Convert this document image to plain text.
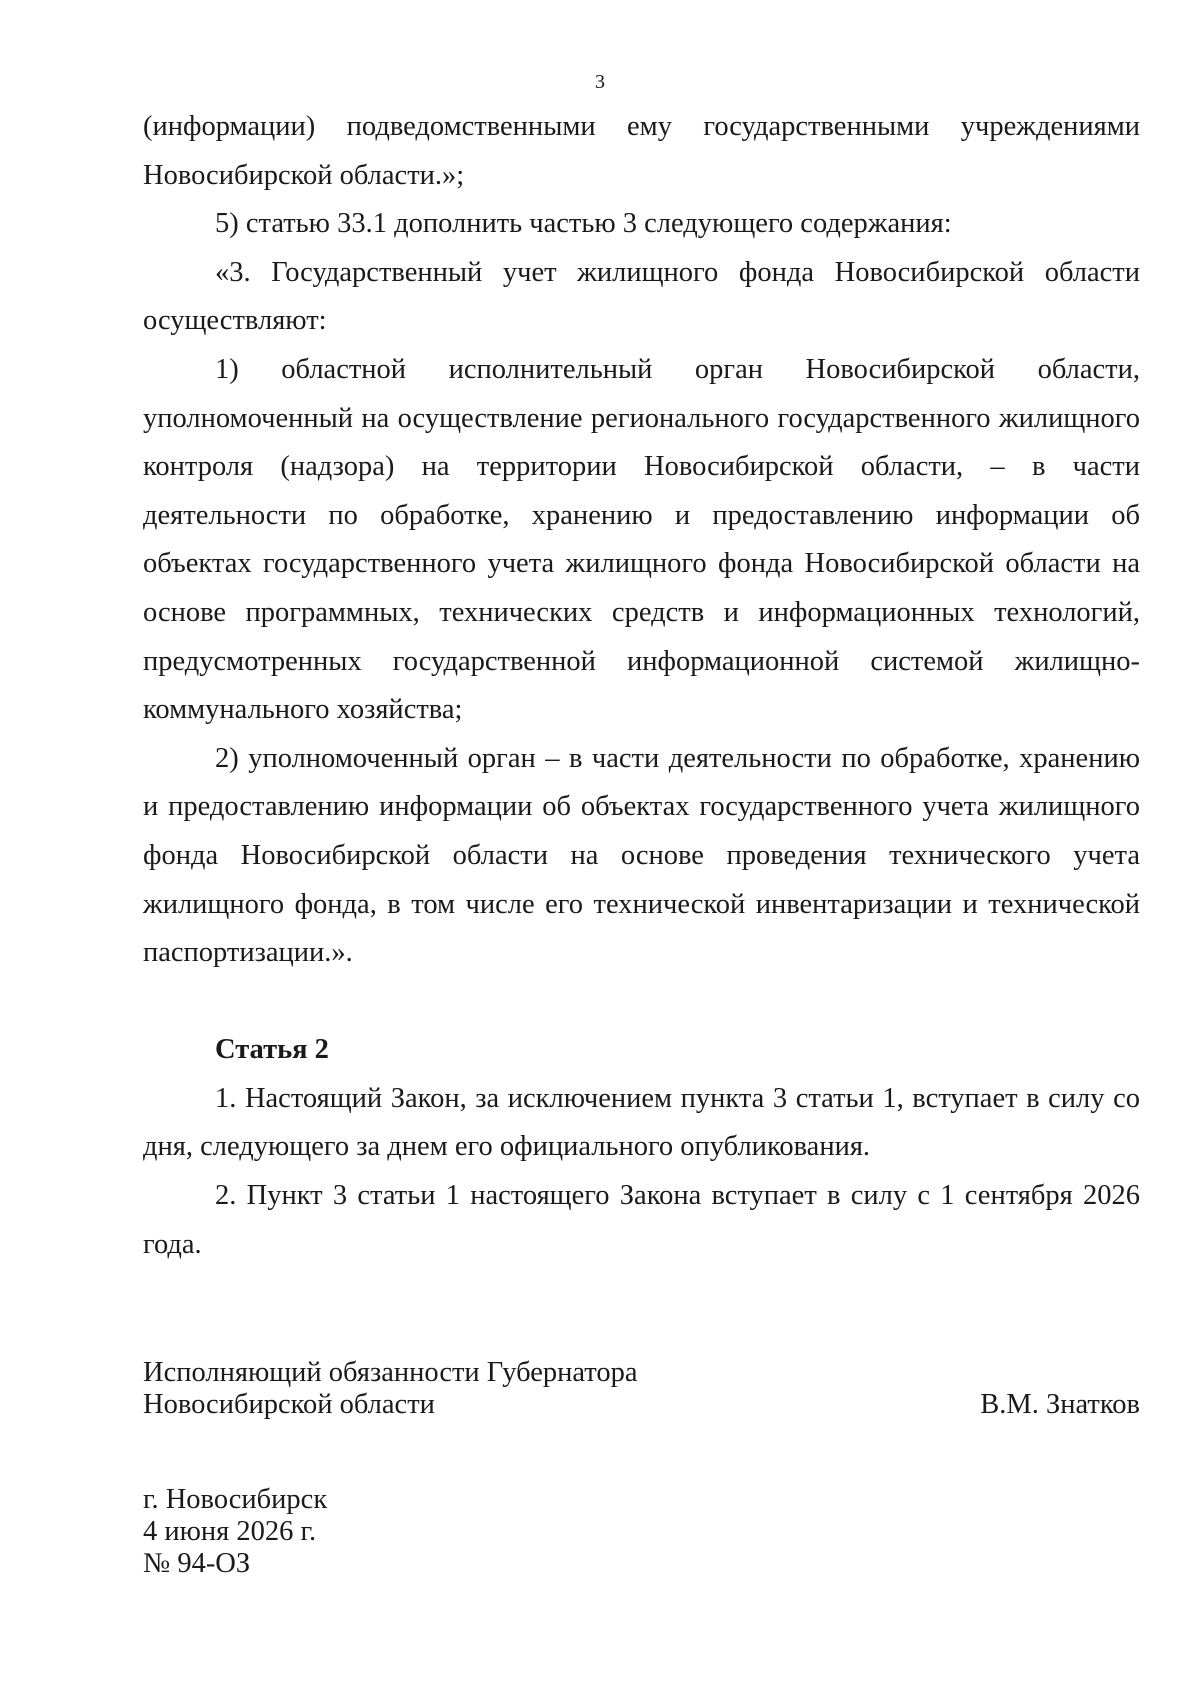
3

(информации) подведомственными ему государственными учреждениями Новосибирской области.»;

5) статью 33.1 дополнить частью 3 следующего содержания:

«3. Государственный учет жилищного фонда Новосибирской области осуществляют:

1) областной исполнительный орган Новосибирской области, уполномоченный на осуществление регионального государственного жилищного контроля (надзора) на территории Новосибирской области, – в части деятельности по обработке, хранению и предоставлению информации об объектах государственного учета жилищного фонда Новосибирской области на основе программных, технических средств и информационных технологий, предусмотренных государственной информационной системой жилищно-коммунального хозяйства;

2) уполномоченный орган – в части деятельности по обработке, хранению и предоставлению информации об объектах государственного учета жилищного фонда Новосибирской области на основе проведения технического учета жилищного фонда, в том числе его технической инвентаризации и технической паспортизации.».

Статья 2

1. Настоящий Закон, за исключением пункта 3 статьи 1, вступает в силу со дня, следующего за днем его официального опубликования.

2. Пункт 3 статьи 1 настоящего Закона вступает в силу с 1 сентября 2026 года.

Исполняющий обязанности Губернатора
Новосибирской области	В.М. Знатков
г. Новосибирск
4 июня 2026 г.
№ 94-ОЗ
